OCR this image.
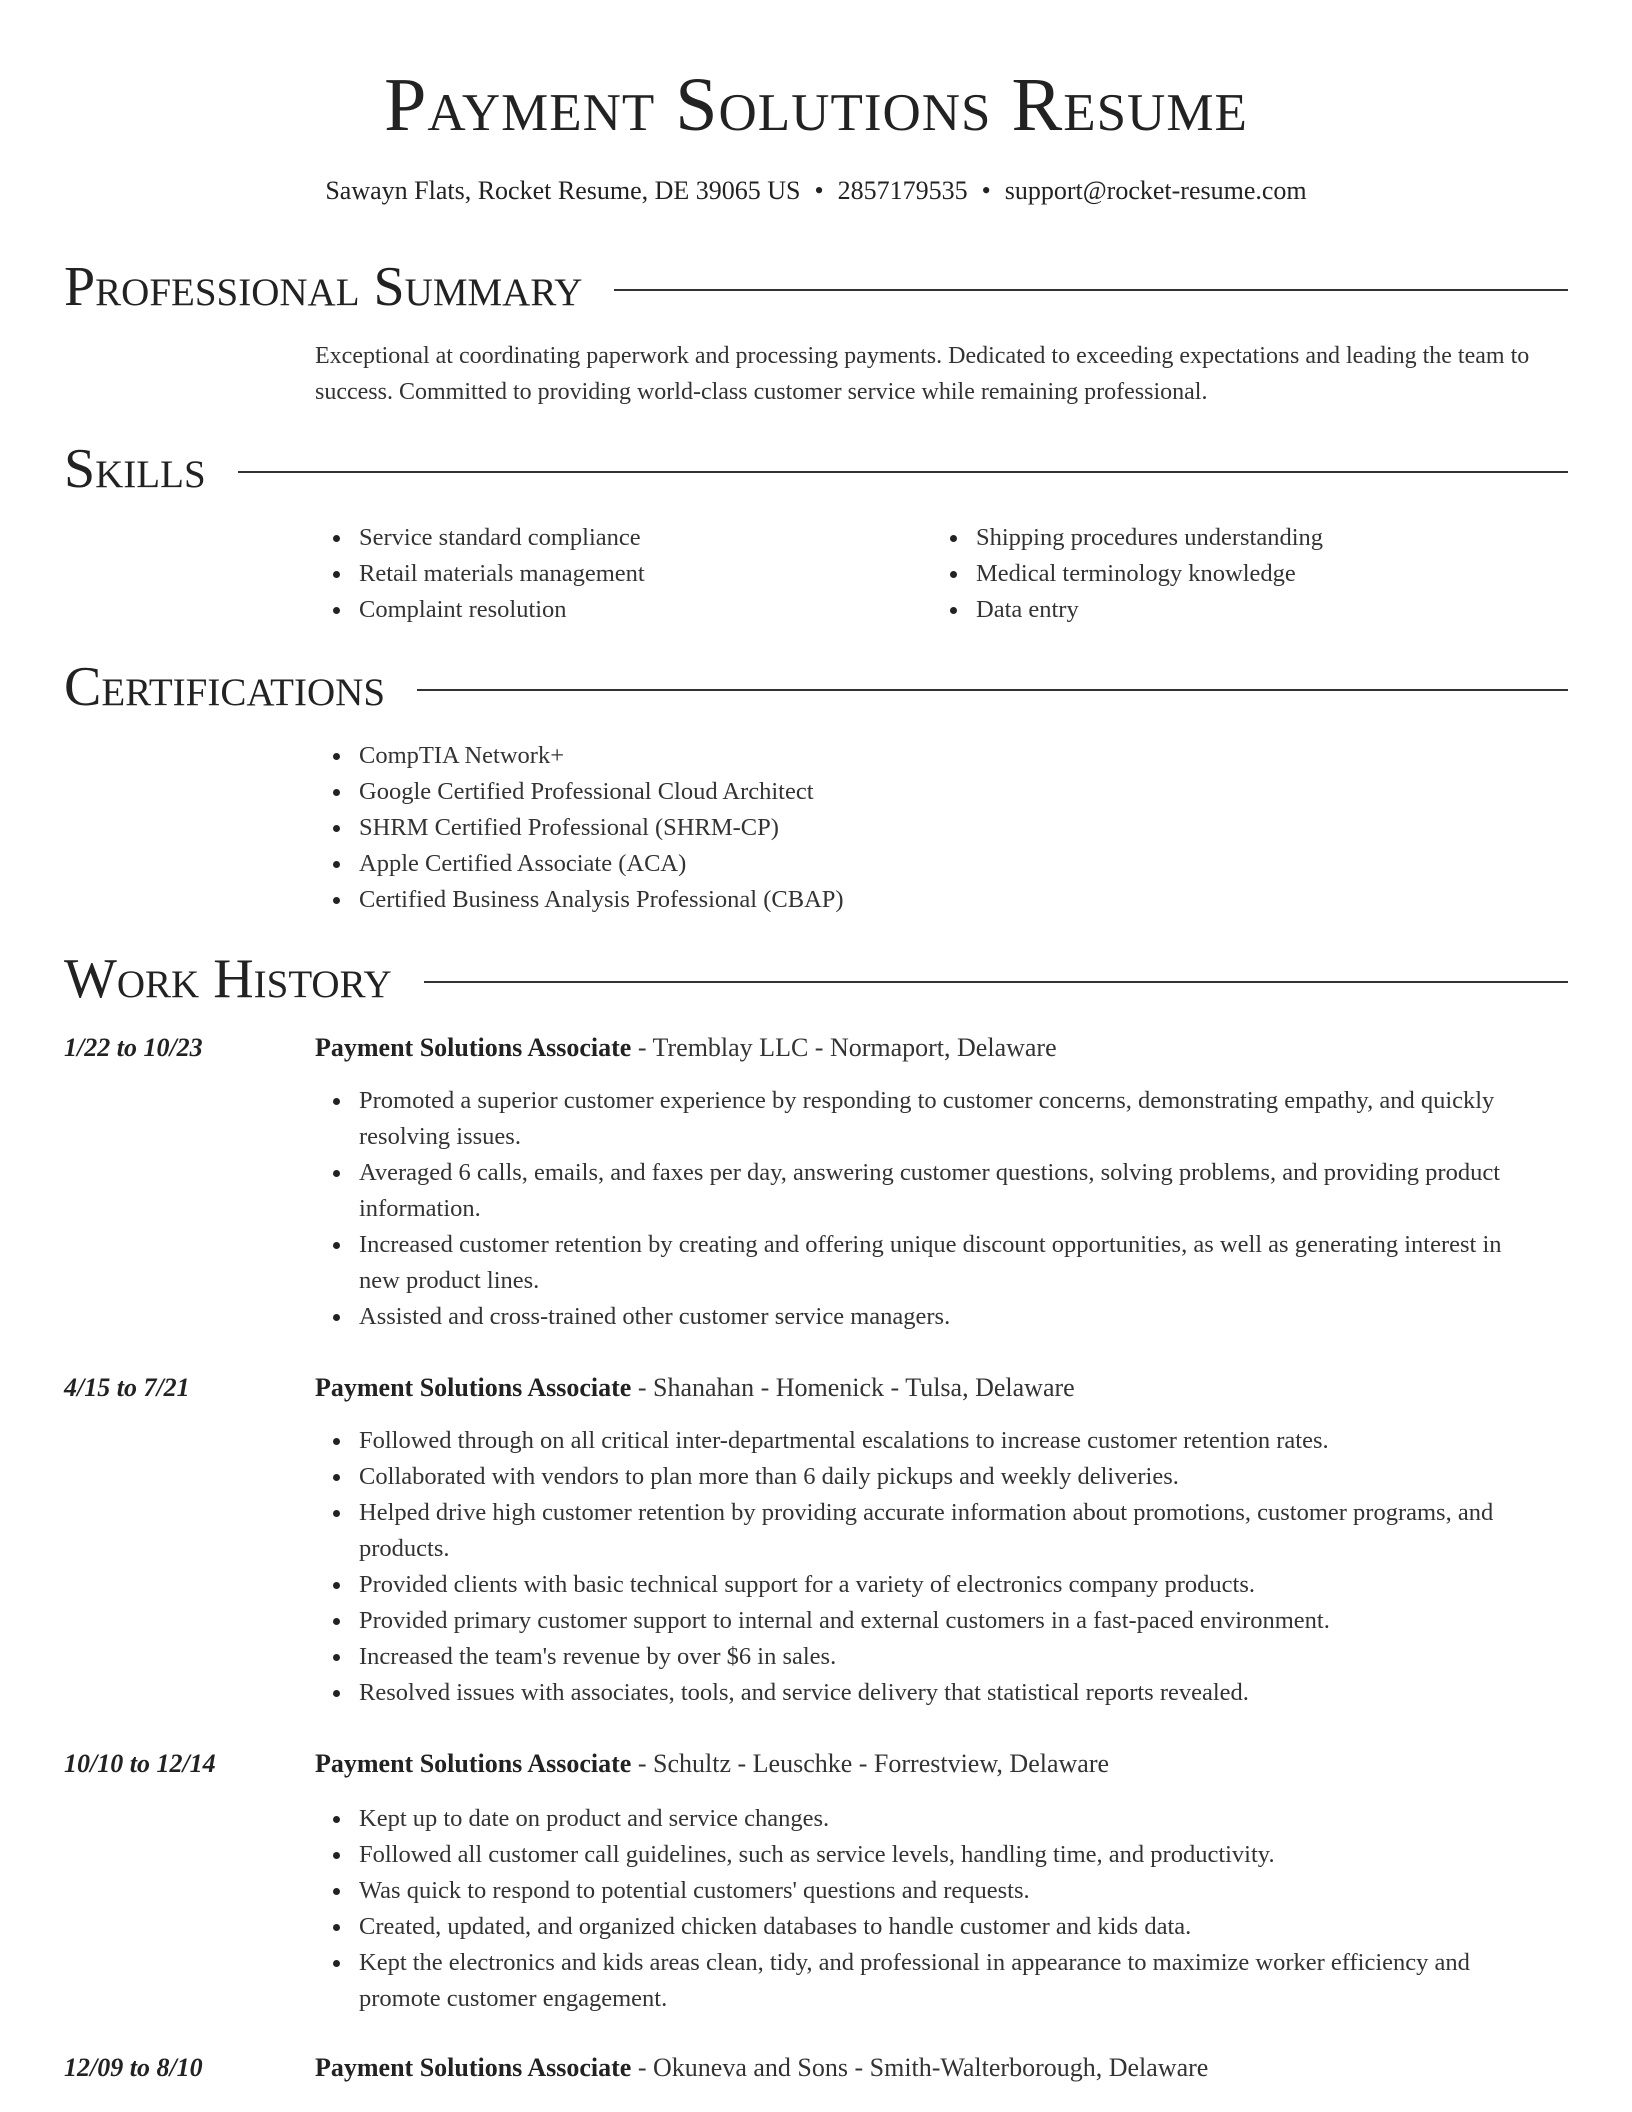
Payment Solutions Resume
Sawayn Flats, Rocket Resume, DE 39065 US • 2857179535 • support@rocket-resume.com
Professional Summary
Exceptional at coordinating paperwork and processing payments. Dedicated to exceeding expectations and leading the team to success. Committed to providing world-class customer service while remaining professional.
Skills
Service standard compliance
Retail materials management
Complaint resolution
Shipping procedures understanding
Medical terminology knowledge
Data entry
Certifications
CompTIA Network+
Google Certified Professional Cloud Architect
SHRM Certified Professional (SHRM-CP)
Apple Certified Associate (ACA)
Certified Business Analysis Professional (CBAP)
Work History
1/22 to 10/23	Payment Solutions Associate - Tremblay LLC - Normaport, Delaware
Promoted a superior customer experience by responding to customer concerns, demonstrating empathy, and quickly resolving issues.
Averaged 6 calls, emails, and faxes per day, answering customer questions, solving problems, and providing product information.
Increased customer retention by creating and offering unique discount opportunities, as well as generating interest in new product lines.
Assisted and cross-trained other customer service managers.
4/15 to 7/21	Payment Solutions Associate - Shanahan - Homenick - Tulsa, Delaware
Followed through on all critical inter-departmental escalations to increase customer retention rates.
Collaborated with vendors to plan more than 6 daily pickups and weekly deliveries.
Helped drive high customer retention by providing accurate information about promotions, customer programs, and products.
Provided clients with basic technical support for a variety of electronics company products.
Provided primary customer support to internal and external customers in a fast-paced environment.
Increased the team's revenue by over $6 in sales.
Resolved issues with associates, tools, and service delivery that statistical reports revealed.
10/10 to 12/14	Payment Solutions Associate - Schultz - Leuschke - Forrestview, Delaware
Kept up to date on product and service changes.
Followed all customer call guidelines, such as service levels, handling time, and productivity.
Was quick to respond to potential customers' questions and requests.
Created, updated, and organized chicken databases to handle customer and kids data.
Kept the electronics and kids areas clean, tidy, and professional in appearance to maximize worker efficiency and promote customer engagement.
12/09 to 8/10	Payment Solutions Associate - Okuneva and Sons - Smith-Walterborough, Delaware
